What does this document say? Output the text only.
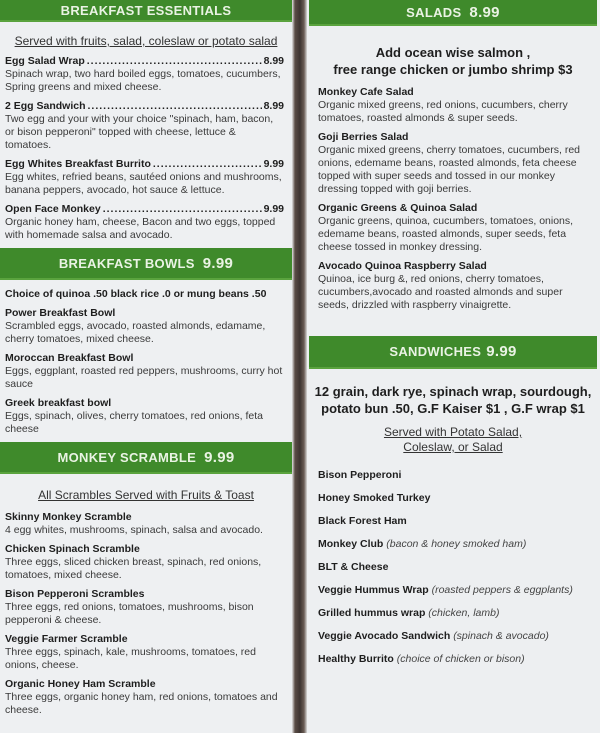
BREAKFAST ESSENTIALS
Served with fruits, salad, coleslaw or potato salad
Egg Salad Wrap .....	8.99
Spinach wrap, two hard boiled eggs, tomatoes, cucumbers, Spring greens and mixed cheese.
2 Egg Sandwich .....	8.99
Two egg and your with your choice "spinach, ham, bacon, or bison pepperoni" topped with cheese, lettuce & tomatoes.
Egg Whites Breakfast Burrito .....	9.99
Egg whites, refried beans, sautéed onions and mushrooms, banana peppers, avocado, hot sauce & lettuce.
Open Face Monkey .....	9.99
Organic honey ham, cheese, Bacon and two eggs, topped with homemade salsa and avocado.
BREAKFAST BOWLS 9.99
Choice of quinoa .50 black rice .0 or mung beans .50
Power Breakfast Bowl
Scrambled eggs, avocado, roasted almonds, edamame, cherry tomatoes, mixed cheese.
Moroccan Breakfast Bowl
Eggs, eggplant, roasted red peppers, mushrooms, curry hot sauce
Greek breakfast bowl
Eggs, spinach, olives, cherry tomatoes, red onions, feta cheese
MONKEY SCRAMBLE 9.99
All Scrambles Served with Fruits & Toast
Skinny Monkey Scramble
4 egg whites, mushrooms, spinach, salsa and avocado.
Chicken Spinach Scramble
Three eggs, sliced chicken breast, spinach, red onions, tomatoes, mixed cheese.
Bison Pepperoni Scrambles
Three eggs, red onions, tomatoes, mushrooms, bison pepperoni & cheese.
Veggie Farmer Scramble
Three eggs, spinach, kale, mushrooms, tomatoes, red onions, cheese.
Organic Honey Ham Scramble
Three eggs, organic honey ham, red onions, tomatoes and cheese.
SALADS 8.99
Add ocean wise salmon ,
free range chicken or jumbo shrimp $3
Monkey Cafe Salad
Organic mixed greens, red onions, cucumbers, cherry tomatoes, roasted almonds & super seeds.
Goji Berries Salad
Organic mixed greens, cherry tomatoes, cucumbers, red onions, edemame beans, roasted almonds, feta cheese topped with super seeds and tossed in our monkey dressing topped with goji berries.
Organic Greens & Quinoa Salad
Organic greens, quinoa, cucumbers, tomatoes, onions, edemame beans, roasted almonds, super seeds, feta cheese tossed in monkey dressing.
Avocado Quinoa Raspberry Salad
Quinoa, ice burg &, red onions, cherry tomatoes, cucumbers,avocado and roasted almonds and super seeds, drizzled with raspberry vinaigrette.
SANDWICHES 9.99
12 grain, dark rye, spinach wrap, sourdough,
potato bun .50, G.F Kaiser $1 , G.F wrap $1
Served with Potato Salad,
Coleslaw, or Salad
Bison Pepperoni
Honey Smoked Turkey
Black Forest Ham
Monkey Club (bacon & honey smoked ham)
BLT & Cheese
Veggie Hummus Wrap (roasted peppers & eggplants)
Grilled hummus wrap (chicken, lamb)
Veggie Avocado Sandwich (spinach & avocado)
Healthy Burrito (choice of chicken or bison)
